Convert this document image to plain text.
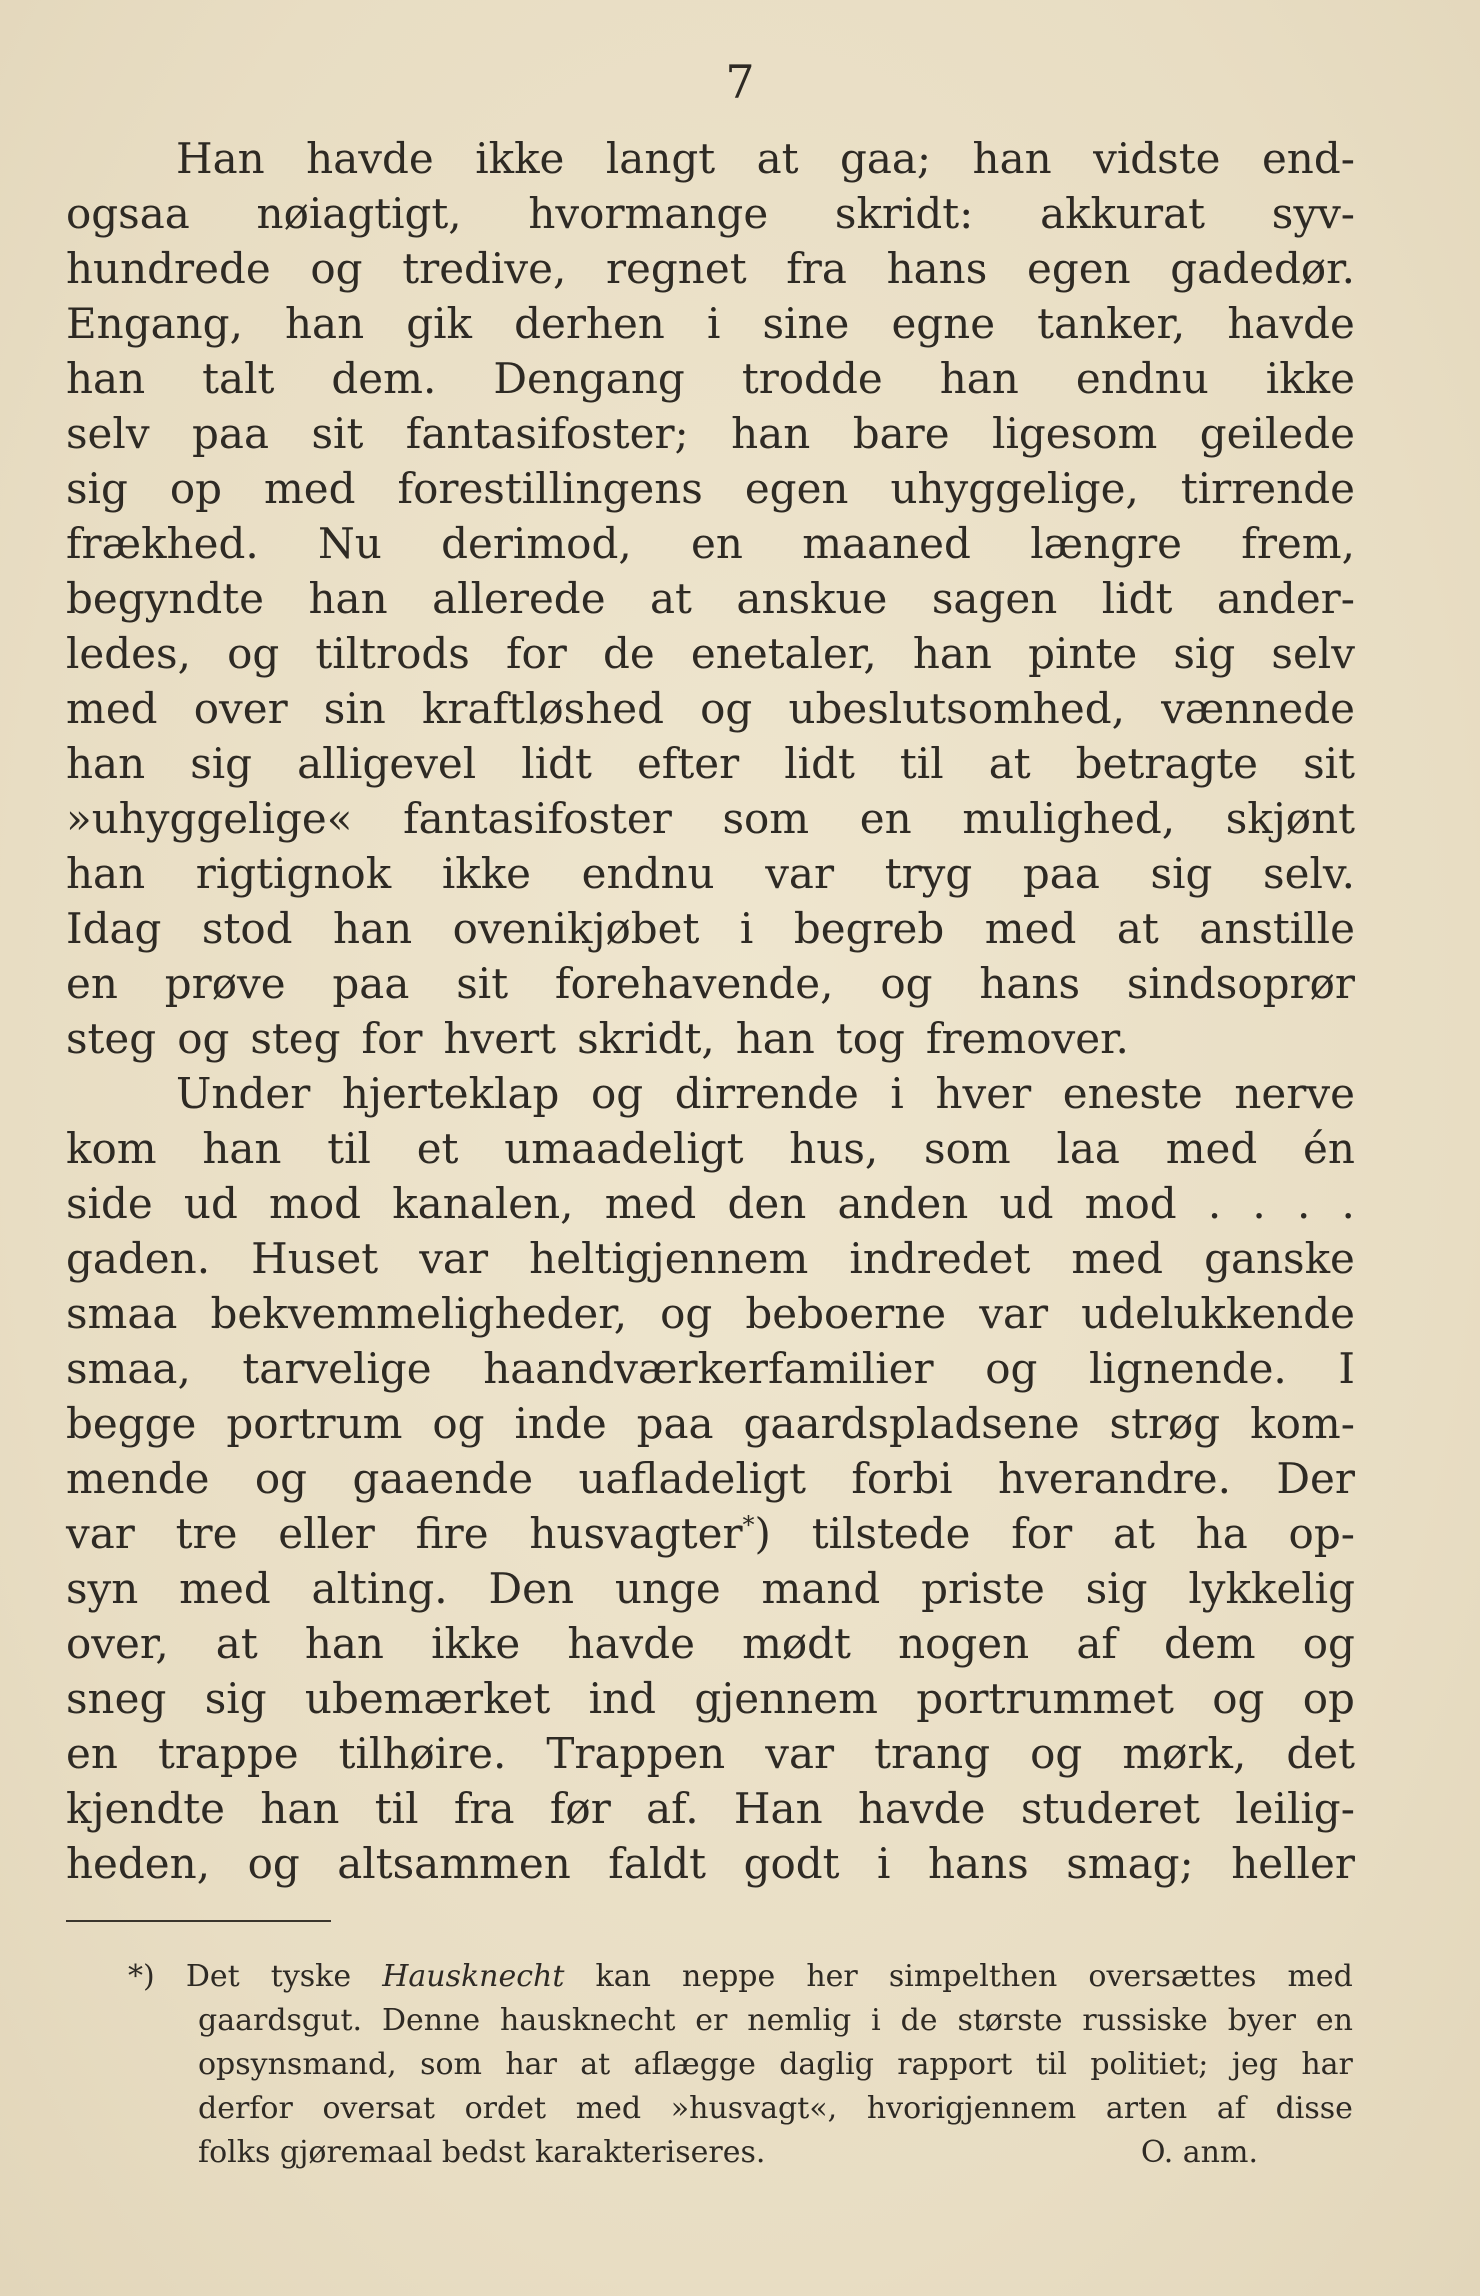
7
Han havde ikke langt at gaa; han vidste end-
ogsaa nøiagtigt, hvormange skridt: akkurat syv-
hundrede og tredive, regnet fra hans egen gadedør.
Engang, han gik derhen i sine egne tanker, havde
han talt dem. Dengang trodde han endnu ikke
selv paa sit fantasifoster; han bare ligesom geilede
sig op med forestillingens egen uhyggelige, tirrende
frækhed. Nu derimod, en maaned længre frem,
begyndte han allerede at anskue sagen lidt ander-
ledes, og tiltrods for de enetaler, han pinte sig selv
med over sin kraftløshed og ubeslutsomhed, vænnede
han sig alligevel lidt efter lidt til at betragte sit
»uhyggelige« fantasifoster som en mulighed, skjønt
han rigtignok ikke endnu var tryg paa sig selv.
Idag stod han ovenikjøbet i begreb med at anstille
en prøve paa sit forehavende, og hans sindsoprør
steg og steg for hvert skridt, han tog fremover.
Under hjerteklap og dirrende i hver eneste nerve
kom han til et umaadeligt hus, som laa med én
side ud mod kanalen, med den anden ud mod . . . .
gaden. Huset var heltigjennem indredet med ganske
smaa bekvemmeligheder, og beboerne var udelukkende
smaa, tarvelige haandværkerfamilier og lignende. I
begge portrum og inde paa gaardspladsene strøg kom-
mende og gaaende uafladeligt forbi hverandre. Der
var tre eller fire husvagter*) tilstede for at ha op-
syn med alting. Den unge mand priste sig lykkelig
over, at han ikke havde mødt nogen af dem og
sneg sig ubemærket ind gjennem portrummet og op
en trappe tilhøire. Trappen var trang og mørk, det
kjendte han til fra før af. Han havde studeret leilig-
heden, og altsammen faldt godt i hans smag; heller
*) Det tyske Hausknecht kan neppe her simpelthen oversættes med
gaardsgut. Denne hausknecht er nemlig i de største russiske byer en
opsynsmand, som har at aflægge daglig rapport til politiet; jeg har
derfor oversat ordet med »husvagt«, hvorigjennem arten af disse
folks gjøremaal bedst karakteriseres.	O. anm.
